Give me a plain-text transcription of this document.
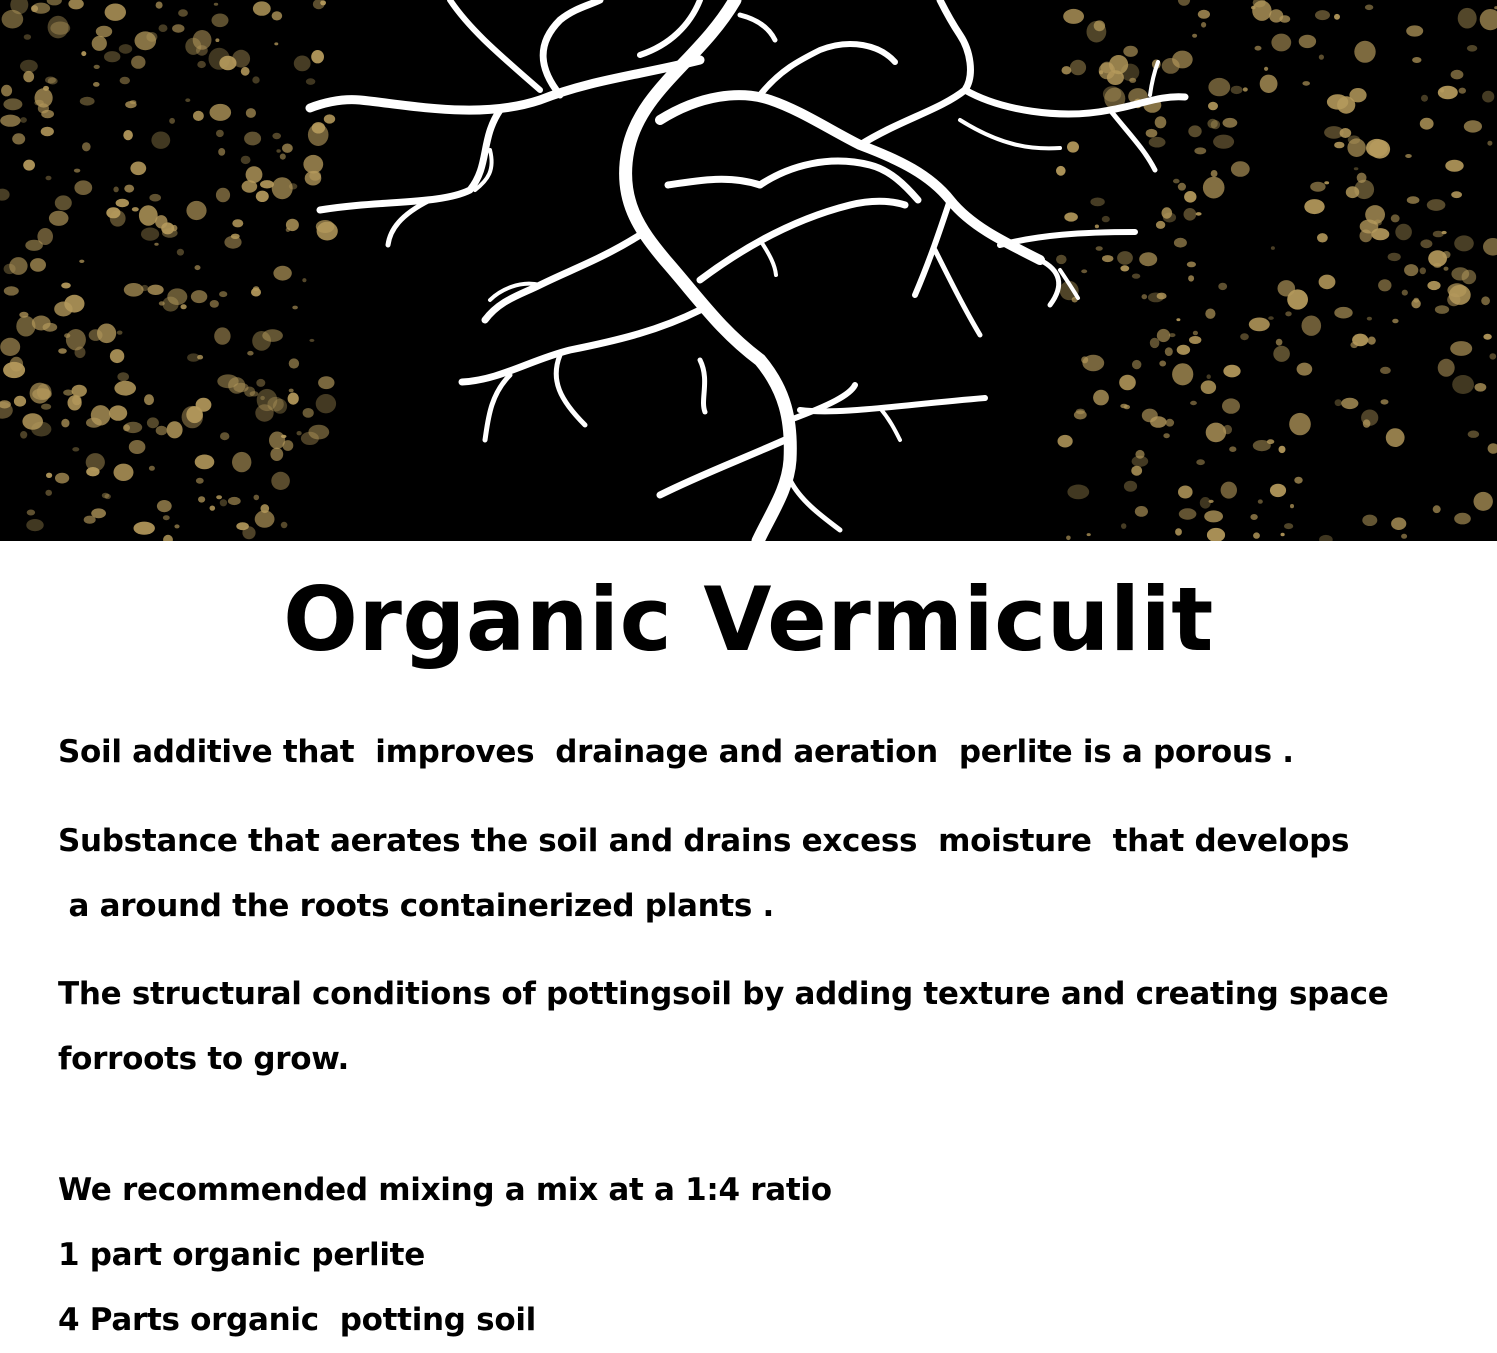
Organic Vermiculit

Soil additive that  improves  drainage and aeration  perlite is a porous .

Substance that aerates the soil and drains excess  moisture  that develops
a around the roots containerized plants .

The structural conditions of pottingsoil by adding texture and creating space
forroots to grow.

We recommended mixing a mix at a 1:4 ratio

1 part organic perlite

4 Parts organic  potting soil
